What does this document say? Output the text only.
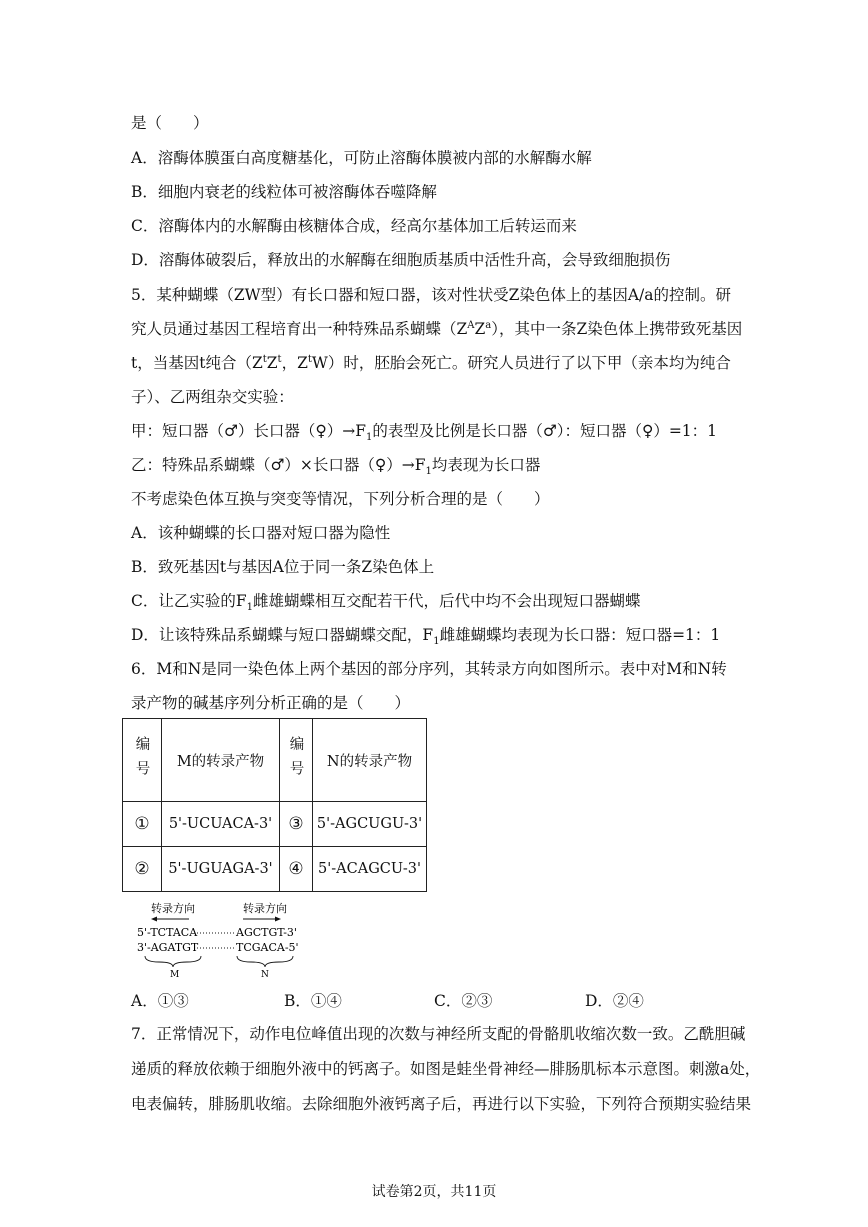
是（　　）
A．溶酶体膜蛋白高度糖基化，可防止溶酶体膜被内部的水解酶水解
B．细胞内衰老的线粒体可被溶酶体吞噬降解
C．溶酶体内的水解酶由核糖体合成，经高尔基体加工后转运而来
D．溶酶体破裂后，释放出的水解酶在细胞质基质中活性升高，会导致细胞损伤
5．某种蝴蝶（ZW型）有长口器和短口器，该对性状受Z染色体上的基因A/a的控制。研
究人员通过基因工程培育出一种特殊品系蝴蝶$(Z^AZ^a)$，其中一条Z染色体上携带致死基因
t，当基因t纯合（$Z^tZ^t$，$Z^tW$）时，胚胎会死亡。研究人员进行了以下甲（亲本均为纯合
子）、乙两组杂交实验：
甲：短口器（♂）长口器$(♀)\to F_1$的表型及比例是长口器（♂）：短口器（♀）=1：1
乙：特殊品系蝴蝶（♂）×长口器$(♀)\to F_1$均表现为长口器
不考虑染色体互换与突变等情况，下列分析合理的是（　　）
A．该种蝴蝶的长口器对短口器为隐性
B．致死基因t与基因A位于同一条Z染色体上
C．让乙实验的$F_1$雌雄蝴蝶相互交配若干代，后代中均不会出现短口器蝴蝶
D．让该特殊品系蝴蝶与短口器蝴蝶交配，$F_1$雌雄蝴蝶均表现为长口器：短口器=1：1
6．M和N是同一染色体上两个基因的部分序列，其转录方向如图所示。表中对M和N转
录产物的碱基序列分析正确的是（　　）
编号	M的转录产物	编号	N的转录产物
①	5'-UCUACA-3'	③	5'-AGCUGU-3'
②	5'-UGUAGA-3'	④	5'-ACAGCU-3'
转录方向	转录方向
5'-TCTACA	AGCTGT-3'
3'-AGATGT	TCGACA-5'
M	N
A．①③	B．①④	C．②③	D．②④
7．正常情况下，动作电位峰值出现的次数与神经所支配的骨骼肌收缩次数一致。乙酰胆碱
递质的释放依赖于细胞外液中的钙离子。如图是蛙坐骨神经—腓肠肌标本示意图。刺激a处，
电表偏转，腓肠肌收缩。去除细胞外液钙离子后，再进行以下实验，下列符合预期实验结果
试卷第2页，共11页
